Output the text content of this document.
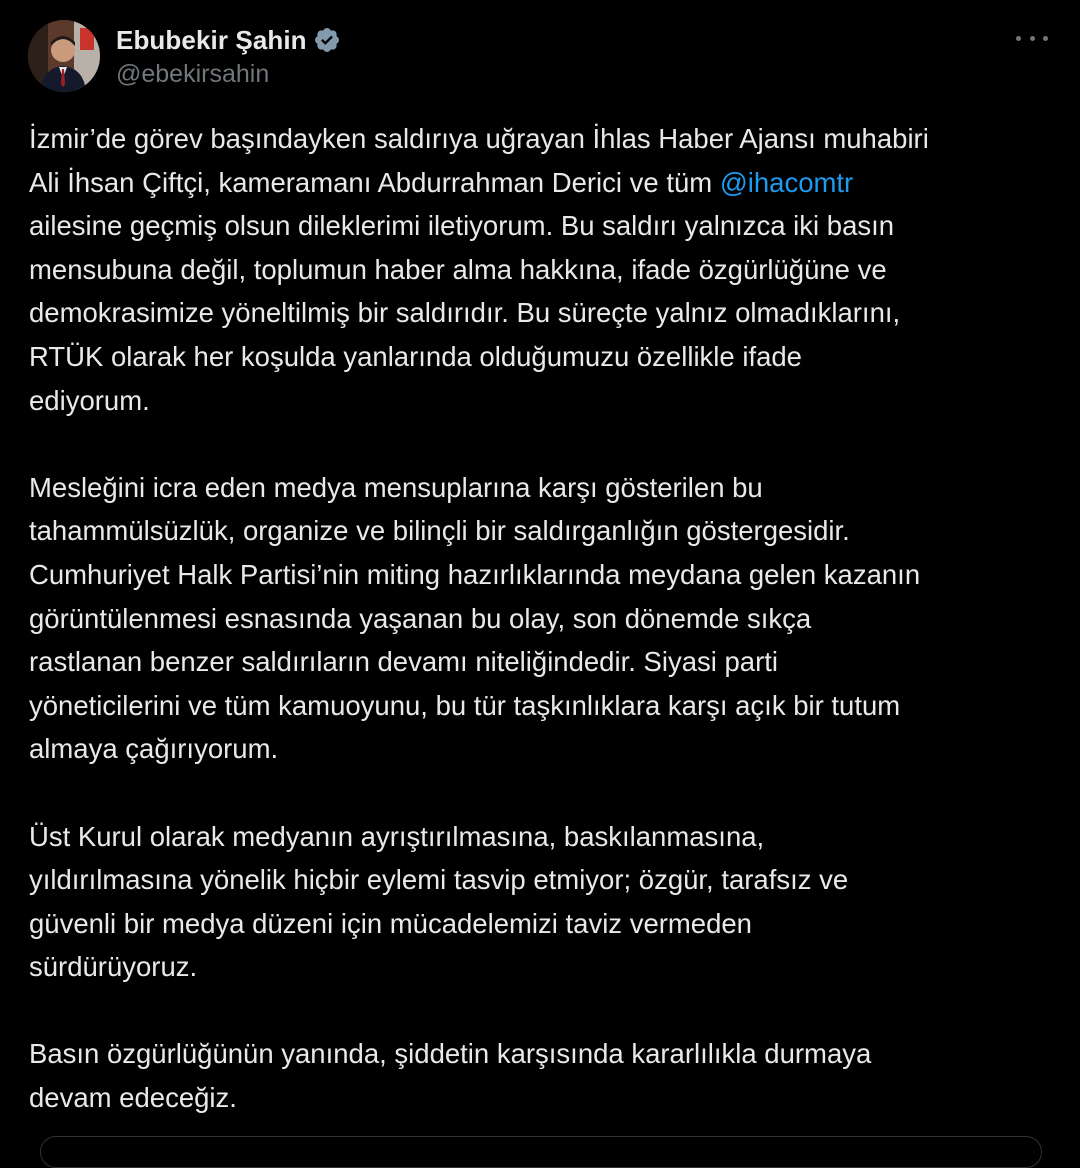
Ebubekir Şahin
@ebekirsahin

İzmir’de görev başındayken saldırıya uğrayan İhlas Haber Ajansı muhabiri
Ali İhsan Çiftçi, kameramanı Abdurrahman Derici ve tüm @ihacomtr
ailesine geçmiş olsun dileklerimi iletiyorum. Bu saldırı yalnızca iki basın
mensubuna değil, toplumun haber alma hakkına, ifade özgürlüğüne ve
demokrasimize yöneltilmiş bir saldırıdır. Bu süreçte yalnız olmadıklarını,
RTÜK olarak her koşulda yanlarında olduğumuzu özellikle ifade
ediyorum.

Mesleğini icra eden medya mensuplarına karşı gösterilen bu
tahammülsüzlük, organize ve bilinçli bir saldırganlığın göstergesidir.
Cumhuriyet Halk Partisi’nin miting hazırlıklarında meydana gelen kazanın
görüntülenmesi esnasında yaşanan bu olay, son dönemde sıkça
rastlanan benzer saldırıların devamı niteliğindedir. Siyasi parti
yöneticilerini ve tüm kamuoyunu, bu tür taşkınlıklara karşı açık bir tutum
almaya çağırıyorum.

Üst Kurul olarak medyanın ayrıştırılmasına, baskılanmasına,
yıldırılmasına yönelik hiçbir eylemi tasvip etmiyor; özgür, tarafsız ve
güvenli bir medya düzeni için mücadelemizi taviz vermeden
sürdürüyoruz.

Basın özgürlüğünün yanında, şiddetin karşısında kararlılıkla durmaya
devam edeceğiz.
